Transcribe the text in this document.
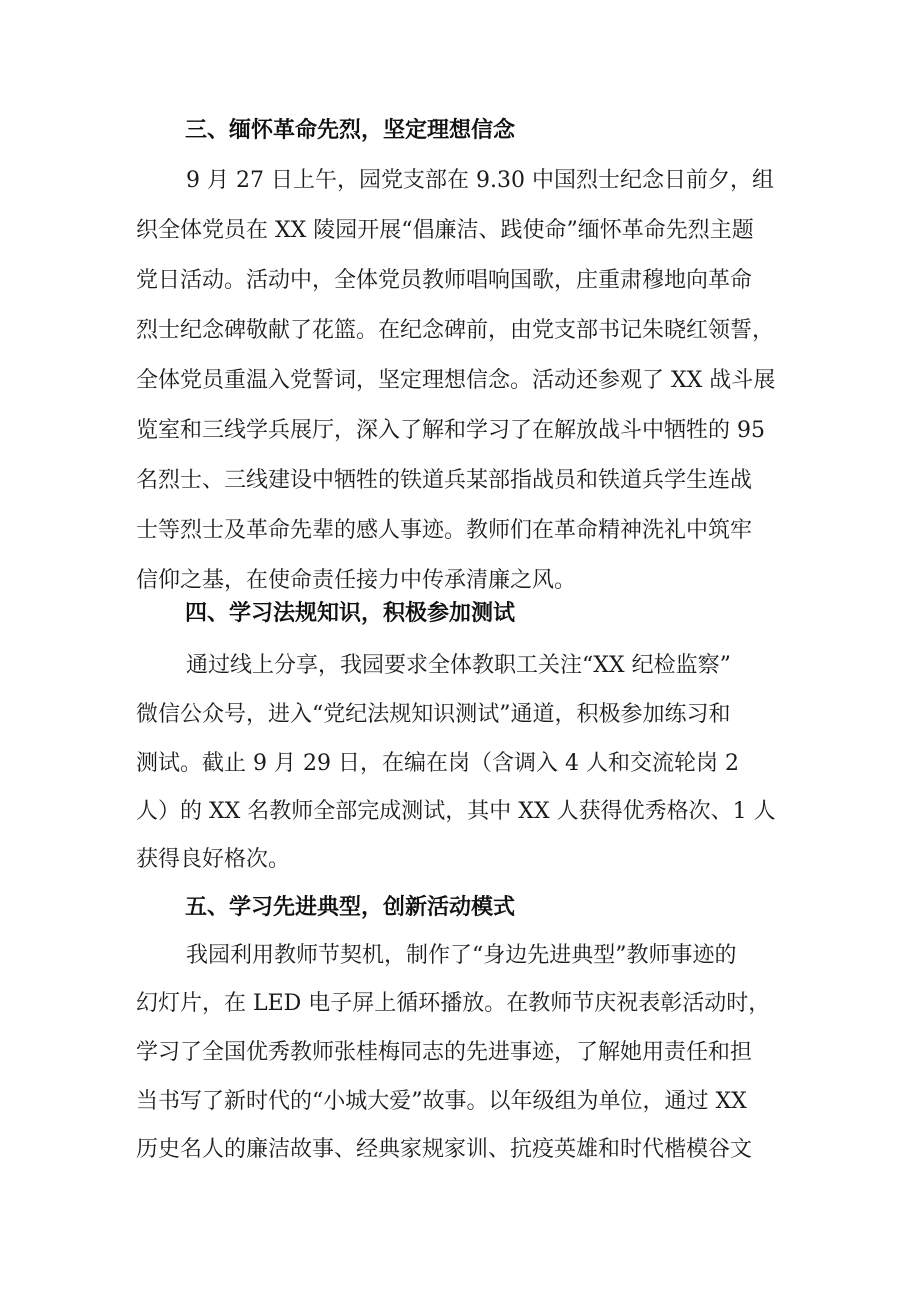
三、缅怀革命先烈，坚定理想信念
9 月 27 日上午，园党支部在 9.30 中国烈士纪念日前夕，组
织全体党员在 XX 陵园开展“倡廉洁、践使命”缅怀革命先烈主题
党日活动。活动中，全体党员教师唱响国歌，庄重肃穆地向革命
烈士纪念碑敬献了花篮。在纪念碑前，由党支部书记朱晓红领誓，
全体党员重温入党誓词，坚定理想信念。活动还参观了 XX 战斗展
览室和三线学兵展厅，深入了解和学习了在解放战斗中牺牲的 95
名烈士、三线建设中牺牲的铁道兵某部指战员和铁道兵学生连战
士等烈士及革命先辈的感人事迹。教师们在革命精神洗礼中筑牢
信仰之基，在使命责任接力中传承清廉之风。
四、学习法规知识，积极参加测试
通过线上分享，我园要求全体教职工关注“XX 纪检监察”
微信公众号，进入“党纪法规知识测试”通道，积极参加练习和
测试。截止 9 月 29 日，在编在岗（含调入 4 人和交流轮岗 2
人）的 XX 名教师全部完成测试，其中 XX 人获得优秀格次、1 人
获得良好格次。
五、学习先进典型，创新活动模式
我园利用教师节契机，制作了“身边先进典型”教师事迹的
幻灯片，在 LED 电子屏上循环播放。在教师节庆祝表彰活动时，
学习了全国优秀教师张桂梅同志的先进事迹，了解她用责任和担
当书写了新时代的“小城大爱”故事。以年级组为单位，通过 XX
历史名人的廉洁故事、经典家规家训、抗疫英雄和时代楷模谷文
